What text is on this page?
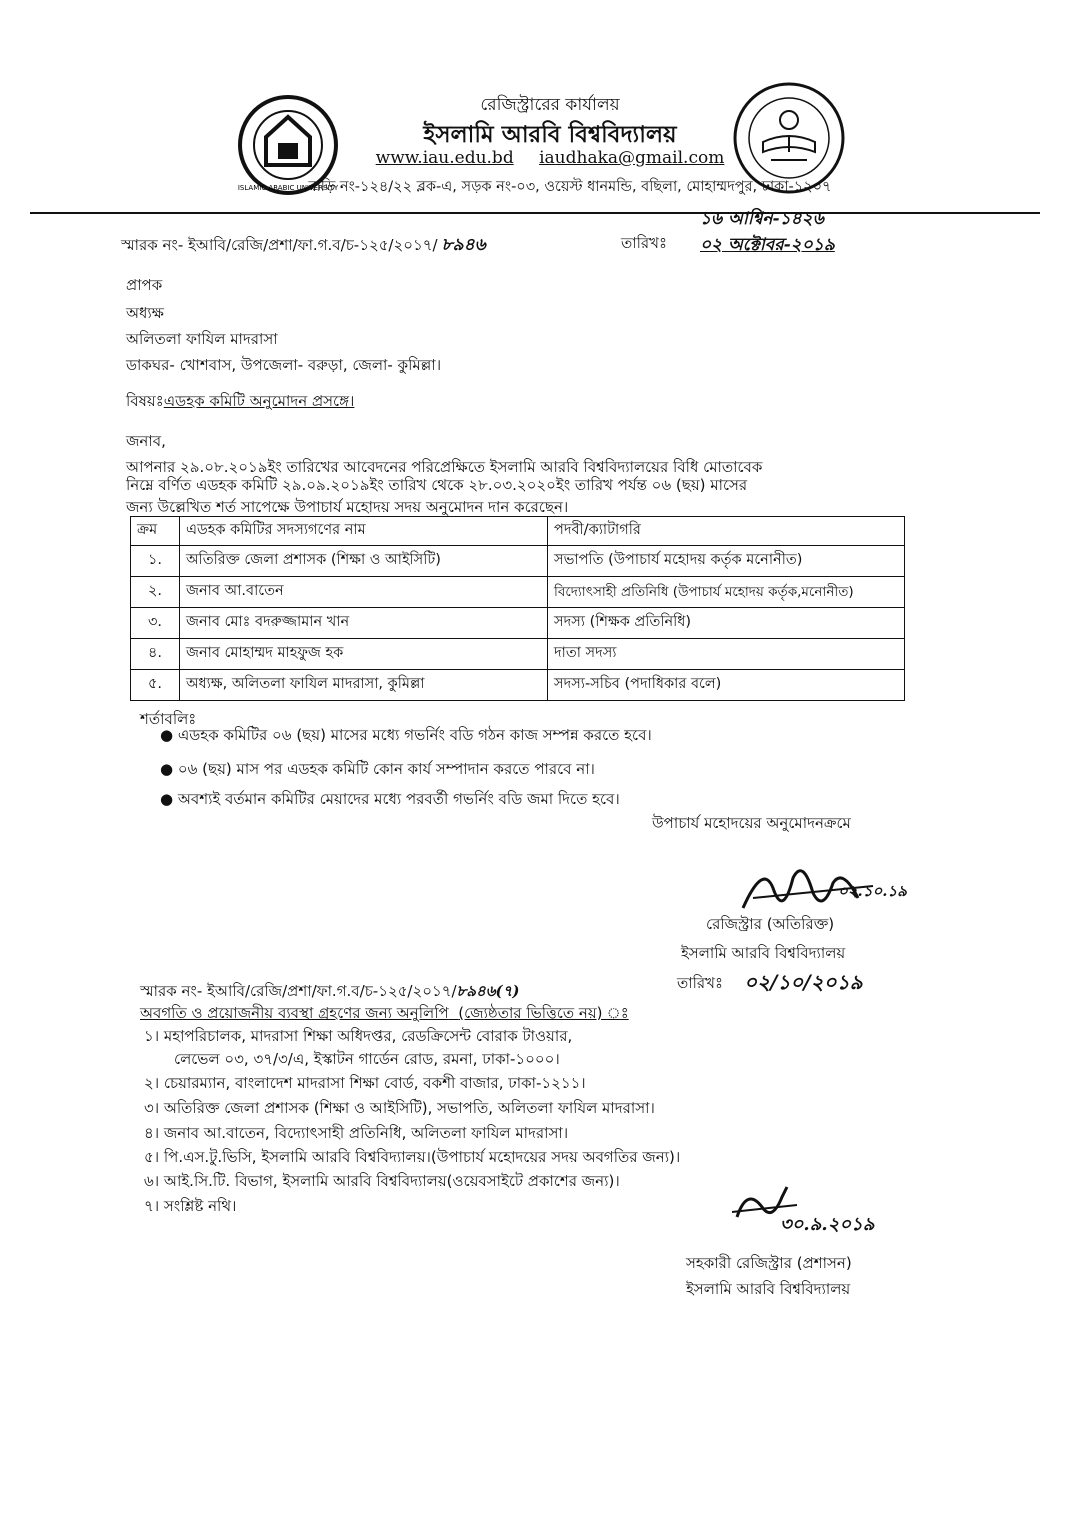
ISLAMIC ARABIC UNIVERSITY
রেজিস্ট্রারের কার্যালয়
ইসলামি আরবি বিশ্ববিদ্যালয়
www.iau.edu.bd iaudhaka@gmail.com
বাড়ি নং-১২৪/২২ ব্লক-এ, সড়ক নং-০৩, ওয়েস্ট ধানমন্ডি, বছিলা, মোহাম্মদপুর, ঢাকা-১২০৭
স্মারক নং- ইআবি/রেজি/প্রশা/ফা.গ.ব/চ-১২৫/২০১৭/ ৮৯৪৬	তারিখঃ
১৬ আশ্বিন-১৪২৬
০২ অক্টোবর-২০১৯
প্রাপক
অধ্যক্ষ
অলিতলা ফাযিল মাদরাসা
ডাকঘর- খোশবাস, উপজেলা- বরুড়া, জেলা- কুমিল্লা।
বিষয়ঃএডহক কমিটি অনুমোদন প্রসঙ্গে।
জনাব,
আপনার ২৯.০৮.২০১৯ইং তারিখের আবেদনের পরিপ্রেক্ষিতে ইসলামি আরবি বিশ্ববিদ্যালয়ের বিধি মোতাবেক
নিম্নে বর্ণিত এডহক কমিটি ২৯.০৯.২০১৯ইং তারিখ থেকে ২৮.০৩.২০২০ইং তারিখ পর্যন্ত ০৬ (ছয়) মাসের
জন্য উল্লেখিত শর্ত সাপেক্ষে উপাচার্য মহোদয় সদয় অনুমোদন দান করেছেন।
ক্রম	এডহক কমিটির সদস্যগণের নাম	পদবী/ক্যাটাগরি
১.	অতিরিক্ত জেলা প্রশাসক (শিক্ষা ও আইসিটি)	সভাপতি (উপাচার্য মহোদয় কর্তৃক মনোনীত)
২.	জনাব আ.বাতেন	বিদ্যোৎসাহী প্রতিনিধি (উপাচার্য মহোদয় কর্তৃক,মনোনীত)
৩.	জনাব মোঃ বদরুজ্জামান খান	সদস্য (শিক্ষক প্রতিনিধি)
৪.	জনাব মোহাম্মদ মাহফুজ হক	দাতা সদস্য
৫.	অধ্যক্ষ, অলিতলা ফাযিল মাদরাসা, কুমিল্লা	সদস্য-সচিব (পদাধিকার বলে)
শর্তাবলিঃ
● এডহক কমিটির ০৬ (ছয়) মাসের মধ্যে গভর্নিং বডি গঠন কাজ সম্পন্ন করতে হবে।
● ০৬ (ছয়) মাস পর এডহক কমিটি কোন কার্য সম্পাদান করতে পারবে না।
● অবশ্যই বর্তমান কমিটির মেয়াদের মধ্যে পরবর্তী গভর্নিং বডি জমা দিতে হবে।
উপাচার্য মহোদয়ের অনুমোদনক্রমে
০২.১০.১৯
রেজিস্ট্রার (অতিরিক্ত)
ইসলামি আরবি বিশ্ববিদ্যালয়
তারিখঃ ০২/১০/২০১৯
স্মারক নং- ইআবি/রেজি/প্রশা/ফা.গ.ব/চ-১২৫/২০১৭/৮৯৪৬(৭)
অবগতি ও প্রয়োজনীয় ব্যবস্থা গ্রহণের জন্য অনুলিপি (জ্যেষ্ঠতার ভিত্তিতে নয়) ঃ
১। মহাপরিচালক, মাদরাসা শিক্ষা অধিদপ্তর, রেডক্রিসেন্ট বোরাক টাওয়ার,
লেভেল ০৩, ৩৭/৩/এ, ইস্কাটন গার্ডেন রোড, রমনা, ঢাকা-১০০০।
২। চেয়ারম্যান, বাংলাদেশ মাদরাসা শিক্ষা বোর্ড, বকশী বাজার, ঢাকা-১২১১।
৩। অতিরিক্ত জেলা প্রশাসক (শিক্ষা ও আইসিটি), সভাপতি, অলিতলা ফাযিল মাদরাসা।
৪। জনাব আ.বাতেন, বিদ্যোৎসাহী প্রতিনিধি, অলিতলা ফাযিল মাদরাসা।
৫। পি.এস.টু.ভিসি, ইসলামি আরবি বিশ্ববিদ্যালয়।(উপাচার্য মহোদয়ের সদয় অবগতির জন্য)।
৬। আই.সি.টি. বিভাগ, ইসলামি আরবি বিশ্ববিদ্যালয়(ওয়েবসাইটে প্রকাশের জন্য)।
৭। সংশ্লিষ্ট নথি।
৩০.৯.২০১৯
সহকারী রেজিস্ট্রার (প্রশাসন)
ইসলামি আরবি বিশ্ববিদ্যালয়
